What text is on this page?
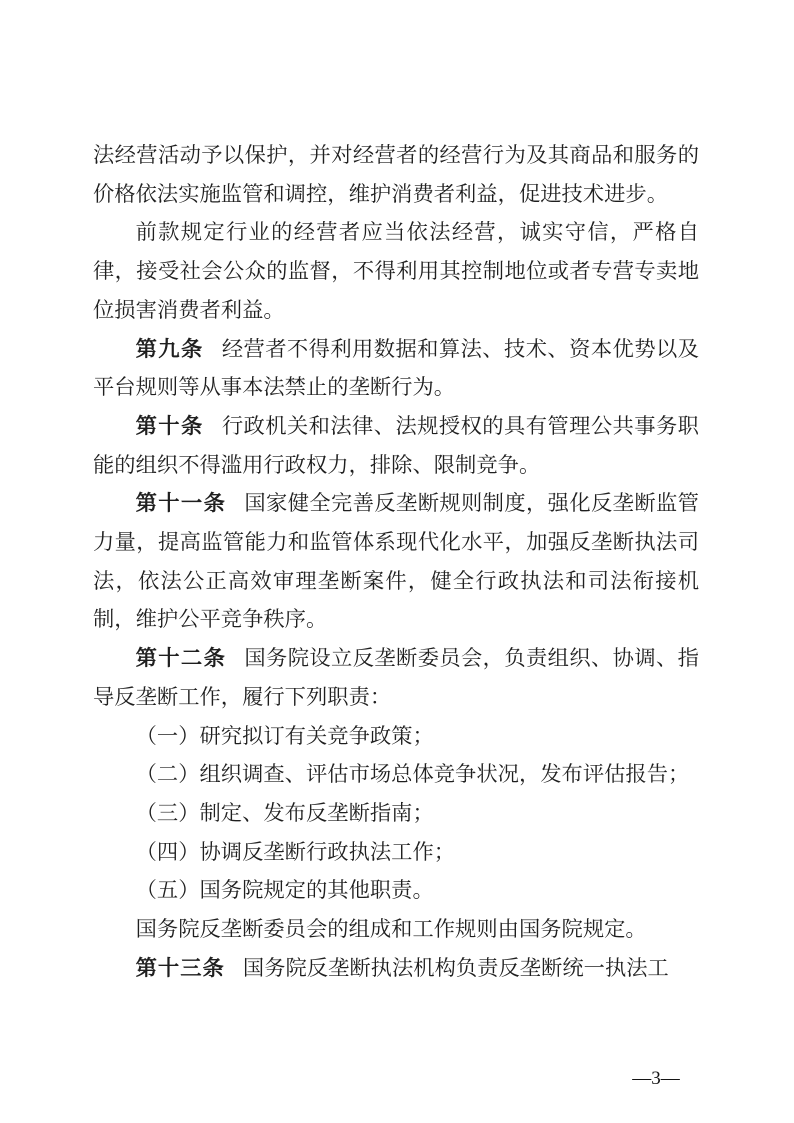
法经营活动予以保护，并对经营者的经营行为及其商品和服务的价格依法实施监管和调控，维护消费者利益，促进技术进步。

前款规定行业的经营者应当依法经营，诚实守信，严格自律，接受社会公众的监督，不得利用其控制地位或者专营专卖地位损害消费者利益。

第九条 经营者不得利用数据和算法、技术、资本优势以及平台规则等从事本法禁止的垄断行为。

第十条 行政机关和法律、法规授权的具有管理公共事务职能的组织不得滥用行政权力，排除、限制竞争。

第十一条 国家健全完善反垄断规则制度，强化反垄断监管力量，提高监管能力和监管体系现代化水平，加强反垄断执法司法，依法公正高效审理垄断案件，健全行政执法和司法衔接机制，维护公平竞争秩序。

第十二条 国务院设立反垄断委员会，负责组织、协调、指导反垄断工作，履行下列职责：

（一）研究拟订有关竞争政策；

（二）组织调查、评估市场总体竞争状况，发布评估报告；

（三）制定、发布反垄断指南；

（四）协调反垄断行政执法工作；

（五）国务院规定的其他职责。

国务院反垄断委员会的组成和工作规则由国务院规定。

第十三条 国务院反垄断执法机构负责反垄断统一执法工

—3—
